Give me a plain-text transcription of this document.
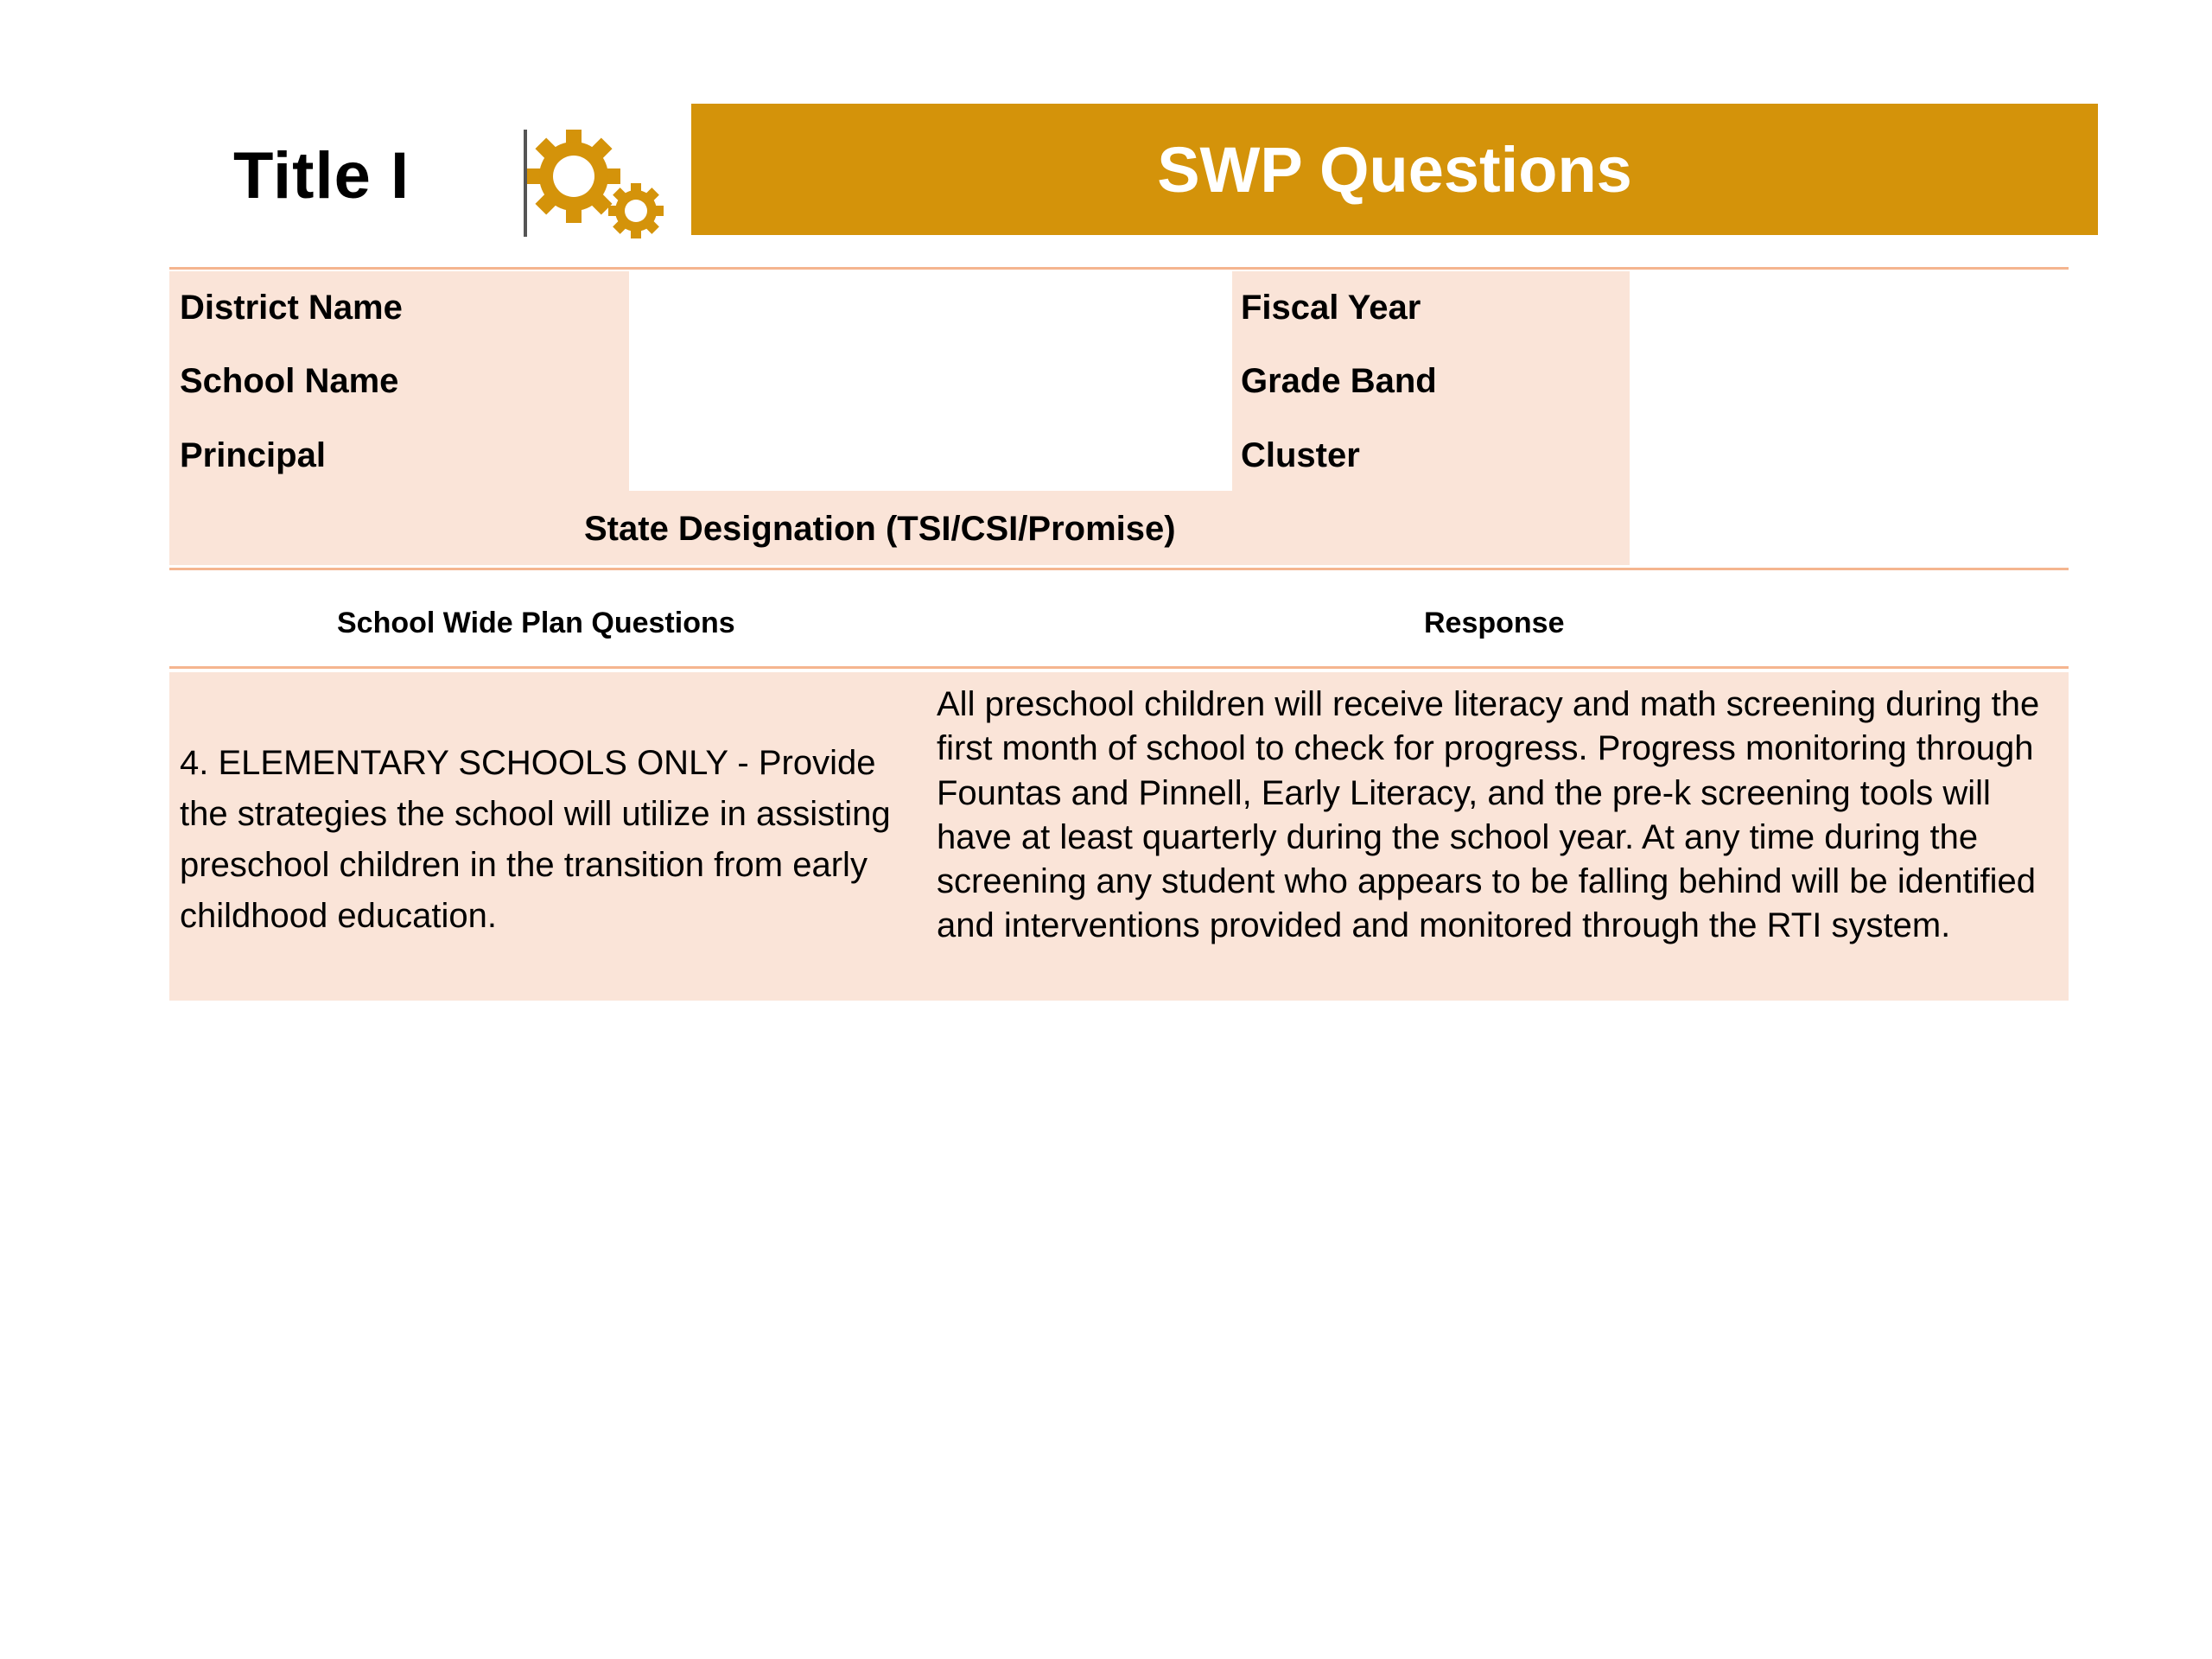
Title I	SWP Questions
District Name
School Name
Principal
Fiscal Year
Grade Band
Cluster
State Designation (TSI/CSI/Promise)
School Wide Plan Questions	Response
4. ELEMENTARY SCHOOLS ONLY - Provide the strategies the school will utilize in assisting preschool children in the transition from early childhood education.
All preschool children will receive literacy and math screening during the first month of school to check for progress. Progress monitoring through Fountas and Pinnell, Early Literacy, and the pre-k screening tools will have at least quarterly during the school year. At any time during the screening any student who appears to be falling behind will be identified and interventions provided and monitored through the RTI system.
